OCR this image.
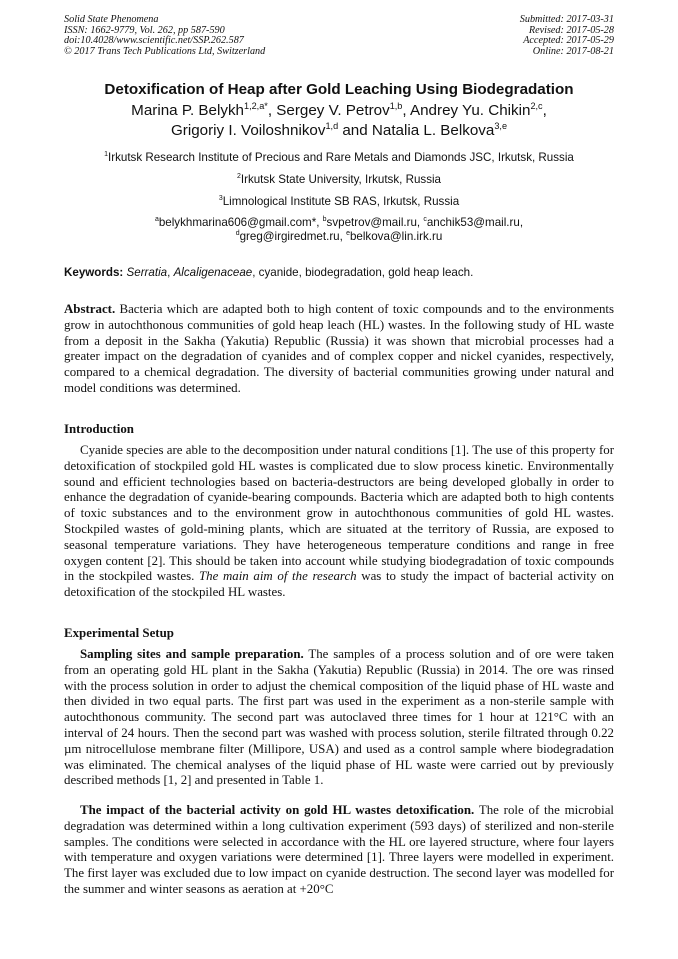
Solid State Phenomena
ISSN: 1662-9779, Vol. 262, pp 587-590
doi:10.4028/www.scientific.net/SSP.262.587
© 2017 Trans Tech Publications Ltd, Switzerland
Submitted: 2017-03-31
Revised: 2017-05-28
Accepted: 2017-05-29
Online: 2017-08-21
Detoxification of Heap after Gold Leaching Using Biodegradation
Marina P. Belykh$^{1,2,a*}$, Sergey V. Petrov$^{1,b}$, Andrey Yu. Chikin$^{2,c}$,
Grigoriy I. Voiloshnikov$^{1,d}$ and Natalia L. Belkova$^{3,e}$
$^1$Irkutsk Research Institute of Precious and Rare Metals and Diamonds JSC, Irkutsk, Russia
$^2$Irkutsk State University, Irkutsk, Russia
$^3$Limnological Institute SB RAS, Irkutsk, Russia
$^a$belykhmarina606@gmail.com*, $^b$svpetrov@mail.ru, $^c$anchik53@mail.ru,
$^d$greg@irgiredmet.ru, $^e$belkova@lin.irk.ru
Keywords: Serratia, Alcaligenaceae, cyanide, biodegradation, gold heap leach.
Abstract. Bacteria which are adapted both to high content of toxic compounds and to the environments grow in autochthonous communities of gold heap leach (HL) wastes. In the following study of HL waste from a deposit in the Sakha (Yakutia) Republic (Russia) it was shown that microbial processes had a greater impact on the degradation of cyanides and of complex copper and nickel cyanides, respectively, compared to a chemical degradation. The diversity of bacterial communities growing under natural and model conditions was determined.
Introduction
Cyanide species are able to the decomposition under natural conditions [1]. The use of this property for detoxification of stockpiled gold HL wastes is complicated due to slow process kinetic. Environmentally sound and efficient technologies based on bacteria-destructors are being developed globally in order to enhance the degradation of cyanide-bearing compounds. Bacteria which are adapted both to high contents of toxic substances and to the environment grow in autochthonous communities of gold HL wastes. Stockpiled wastes of gold-mining plants, which are situated at the territory of Russia, are exposed to seasonal temperature variations. They have heterogeneous temperature conditions and range in free oxygen content [2]. This should be taken into account while studying biodegradation of toxic compounds in the stockpiled wastes. The main aim of the research was to study the impact of bacterial activity on detoxification of the stockpiled HL wastes.
Experimental Setup
Sampling sites and sample preparation. The samples of a process solution and of ore were taken from an operating gold HL plant in the Sakha (Yakutia) Republic (Russia) in 2014. The ore was rinsed with the process solution in order to adjust the chemical composition of the liquid phase of HL waste and then divided in two equal parts. The first part was used in the experiment as a non-sterile sample with autochthonous community. The second part was autoclaved three times for 1 hour at 121°C with an interval of 24 hours. Then the second part was washed with process solution, sterile filtrated through 0.22 µm nitrocellulose membrane filter (Millipore, USA) and used as a control sample where biodegradation was eliminated. The chemical analyses of the liquid phase of HL waste were carried out by previously described methods [1, 2] and presented in Table 1.
The impact of the bacterial activity on gold HL wastes detoxification. The role of the microbial degradation was determined within a long cultivation experiment (593 days) of sterilized and non-sterile samples. The conditions were selected in accordance with the HL ore layered structure, where four layers with temperature and oxygen variations were determined [1]. Three layers were modelled in experiment. The first layer was excluded due to low impact on cyanide destruction. The second layer was modelled for the summer and winter seasons as aeration at +20°C
